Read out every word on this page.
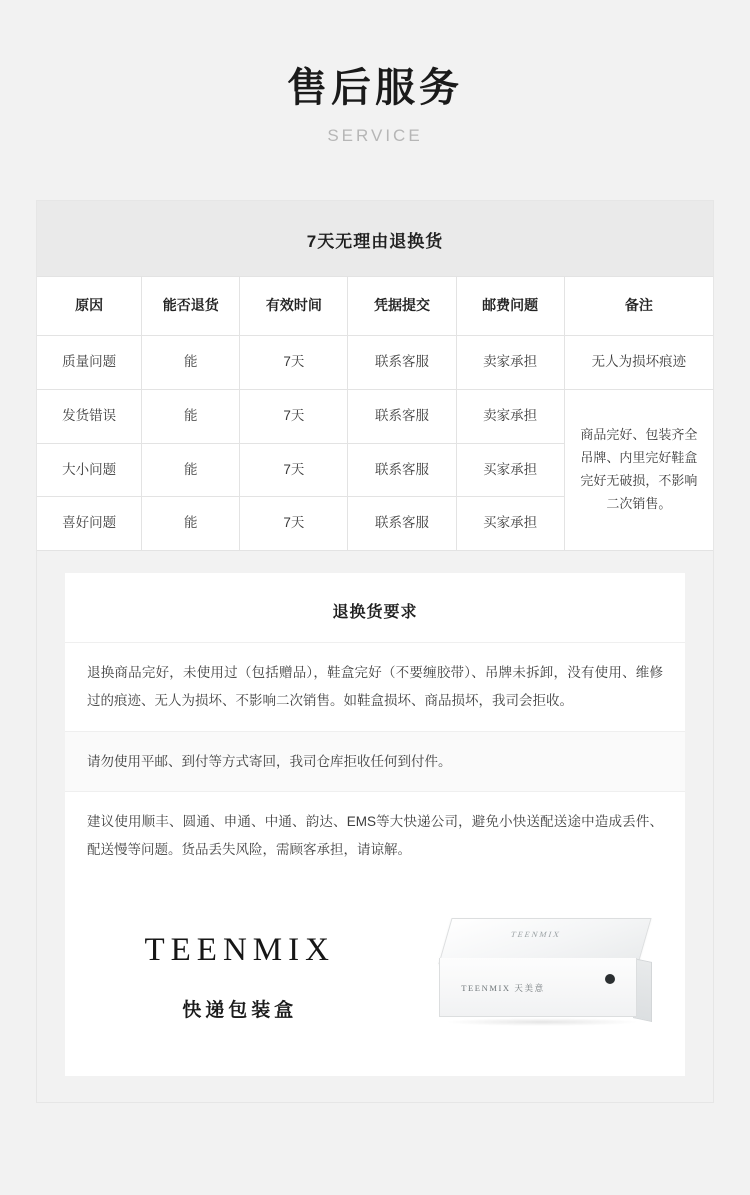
售后服务
SERVICE
7天无理由退换货
原因	能否退货	有效时间	凭据提交	邮费问题	备注
质量问题	能	7天	联系客服	卖家承担	无人为损坏痕迹
发货错误	能	7天	联系客服	卖家承担	商品完好、包装齐全吊牌、内里完好鞋盒完好无破损，不影响二次销售。
大小问题	能	7天	联系客服	买家承担	
喜好问题	能	7天	联系客服	买家承担	
退换货要求
退换商品完好，未使用过（包括赠品），鞋盒完好（不要缠胶带）、吊牌未拆卸，没有使用、维修过的痕迹、无人为损坏、不影响二次销售。如鞋盒损坏、商品损坏，我司会拒收。
请勿使用平邮、到付等方式寄回，我司仓库拒收任何到付件。
建议使用顺丰、圆通、申通、中通、韵达、EMS等大快递公司，避免小快送配送途中造成丢件、配送慢等问题。货品丢失风险，需顾客承担，请谅解。
TEENMIX
快递包装盒
TEENMIX
TEENMIX 天美意
